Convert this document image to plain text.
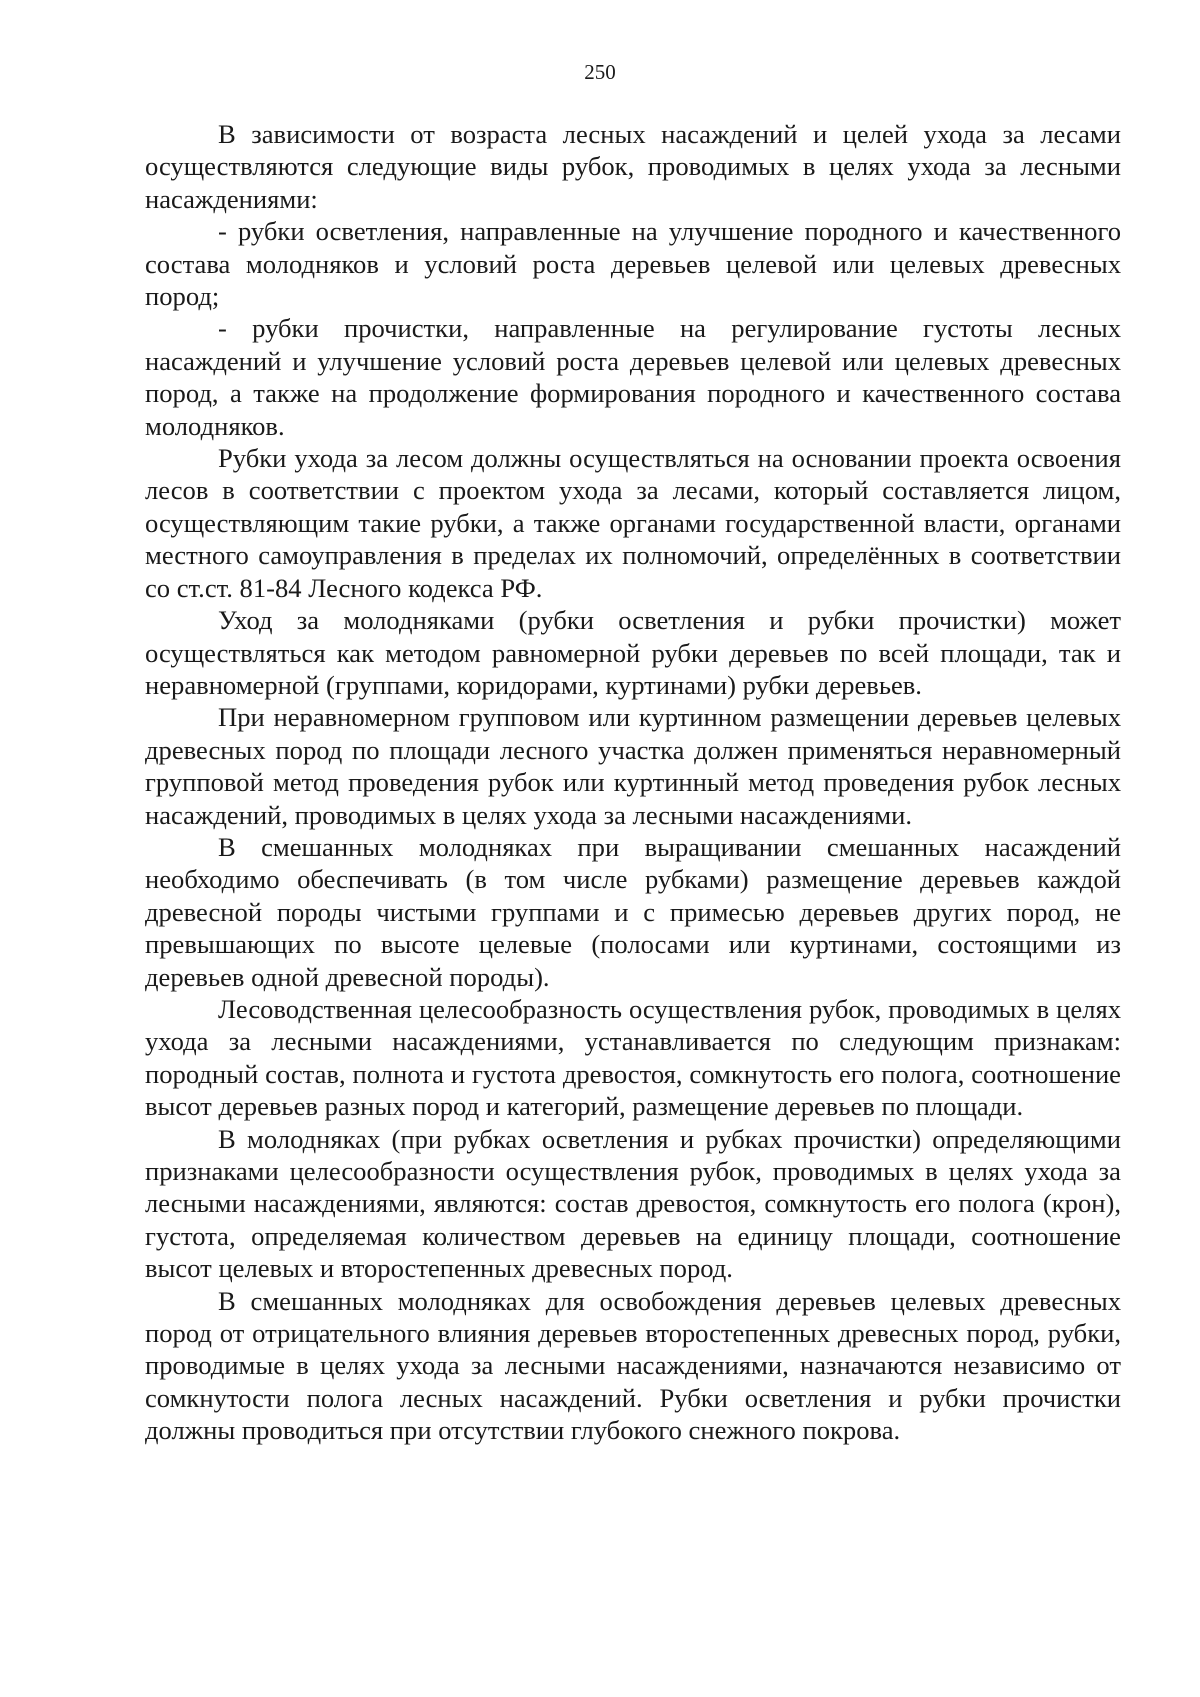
250

В зависимости от возраста лесных насаждений и целей ухода за лесами осуществляются следующие виды рубок, проводимых в целях ухода за лесными насаждениями:

- рубки осветления, направленные на улучшение породного и качественного состава молодняков и условий роста деревьев целевой или целевых древесных пород;

- рубки прочистки, направленные на регулирование густоты лесных насаждений и улучшение условий роста деревьев целевой или целевых древесных пород, а также на продолжение формирования породного и качественного состава молодняков.

Рубки ухода за лесом должны осуществляться на основании проекта освоения лесов в соответствии с проектом ухода за лесами, который составляется лицом, осуществляющим такие рубки, а также органами государственной власти, органами местного самоуправления в пределах их полномочий, определённых в соответствии со ст.ст. 81-84 Лесного кодекса РФ.

Уход за молодняками (рубки осветления и рубки прочистки) может осуществляться как методом равномерной рубки деревьев по всей площади, так и неравномерной (группами, коридорами, куртинами) рубки деревьев.

При неравномерном групповом или куртинном размещении деревьев целевых древесных пород по площади лесного участка должен применяться неравномерный групповой метод проведения рубок или куртинный метод проведения рубок лесных насаждений, проводимых в целях ухода за лесными насаждениями.

В смешанных молодняках при выращивании смешанных насаждений необходимо обеспечивать (в том числе рубками) размещение деревьев каждой древесной породы чистыми группами и с примесью деревьев других пород, не превышающих по высоте целевые (полосами или куртинами, состоящими из деревьев одной древесной породы).

Лесоводственная целесообразность осуществления рубок, проводимых в целях ухода за лесными насаждениями, устанавливается по следующим признакам: породный состав, полнота и густота древостоя, сомкнутость его полога, соотношение высот деревьев разных пород и категорий, размещение деревьев по площади.

В молодняках (при рубках осветления и рубках прочистки) определяющими признаками целесообразности осуществления рубок, проводимых в целях ухода за лесными насаждениями, являются: состав древостоя, сомкнутость его полога (крон), густота, определяемая количеством деревьев на единицу площади, соотношение высот целевых и второстепенных древесных пород.

В смешанных молодняках для освобождения деревьев целевых древесных пород от отрицательного влияния деревьев второстепенных древесных пород, рубки, проводимые в целях ухода за лесными насаждениями, назначаются независимо от сомкнутости полога лесных насаждений. Рубки осветления и рубки прочистки должны проводиться при отсутствии глубокого снежного покрова.
